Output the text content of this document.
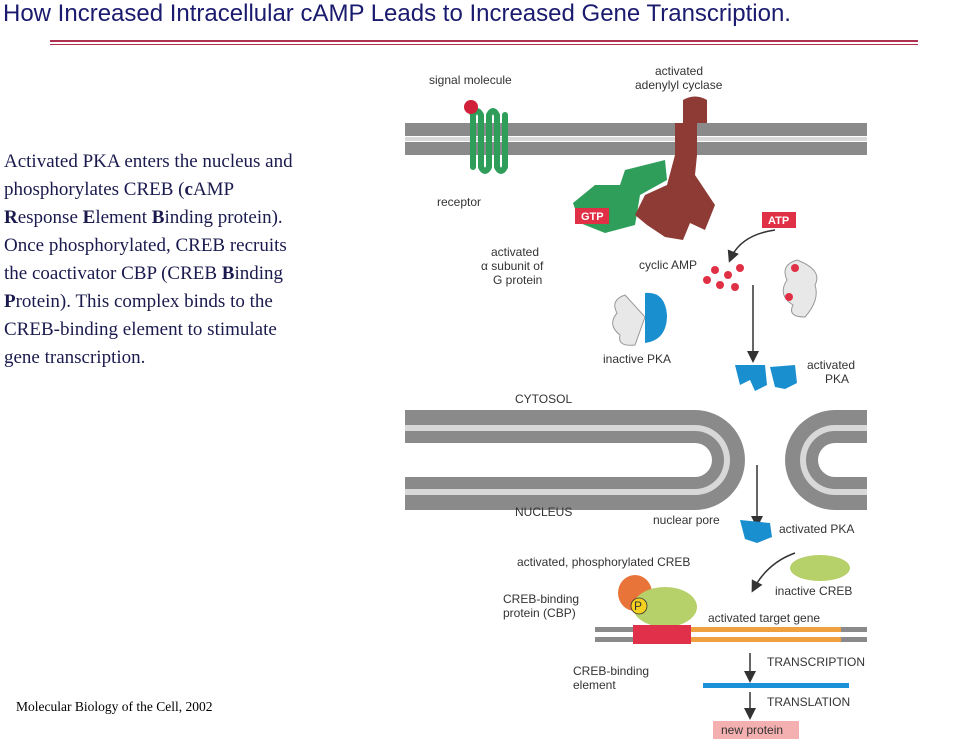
How Increased Intracellular cAMP Leads to Increased Gene Transcription.
Activated PKA enters the nucleus and phosphorylates CREB (cAMP Response Element Binding protein). Once phosphorylated, CREB recruits the coactivator CBP (CREB Binding Protein). This complex binds to the CREB-binding element to stimulate gene transcription.
Molecular Biology of the Cell, 2002
GTP	ATP
P
signal molecule
activated
adenylyl cyclase
receptor
activated
α subunit of
G protein
cyclic AMP
inactive PKA	activated
PKA
CYTOSOL
NUCLEUS
nuclear pore
activated PKA
activated, phosphorylated CREB
CREB-binding
protein (CBP)
inactive CREB
activated target gene
CREB-binding
element
TRANSCRIPTION
TRANSLATION
new protein
